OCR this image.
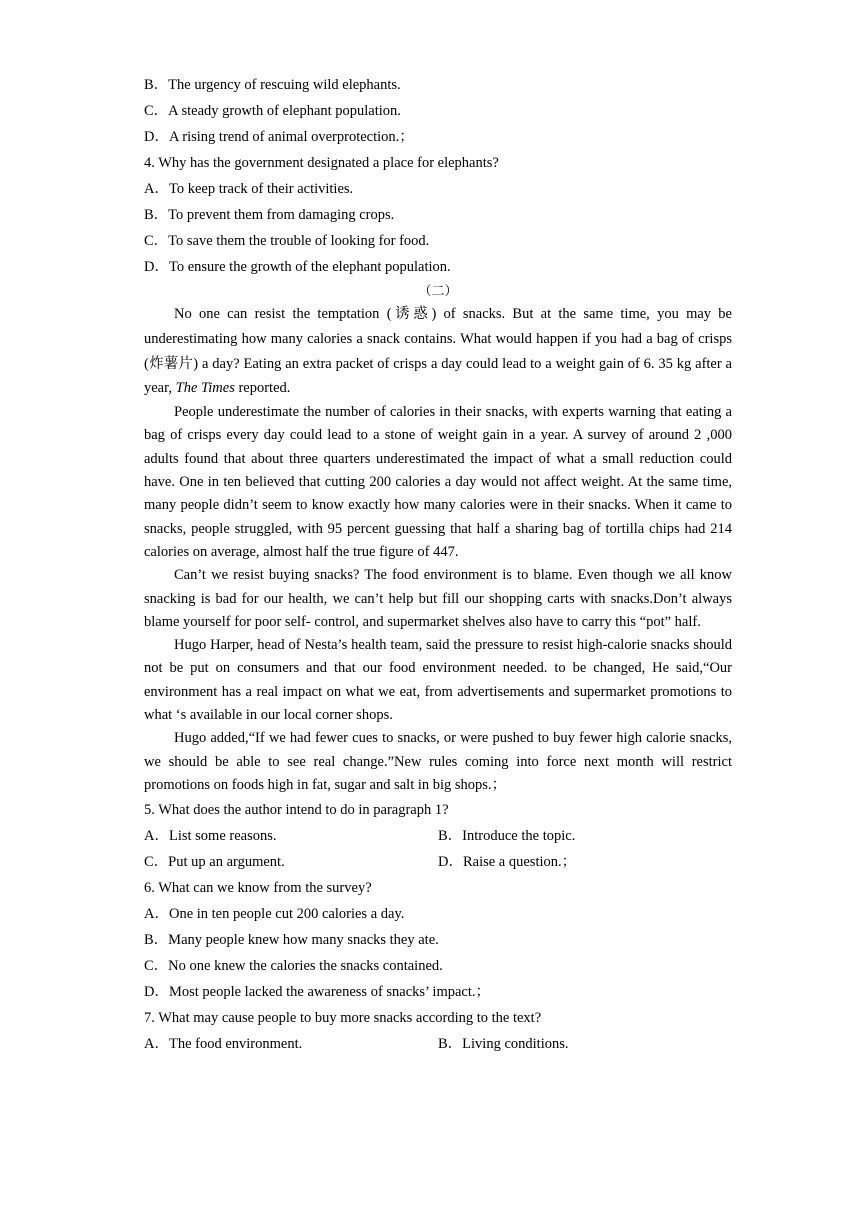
B．The urgency of rescuing wild elephants.
C．A steady growth of elephant population.
D．A rising trend of animal overprotection.；
4. Why has the government designated a place for elephants?
A．To keep track of their activities.
B．To prevent them from damaging crops.
C．To save them the trouble of looking for food.
D．To ensure the growth of the elephant population.
（二）

No one can resist the temptation (诱惑) of snacks. But at the same time, you may be underestimating how many calories a snack contains. What would happen if you had a bag of crisps (炸薯片) a day? Eating an extra packet of crisps a day could lead to a weight gain of 6. 35 kg after a year, The Times reported.

People underestimate the number of calories in their snacks, with experts warning that eating a bag of crisps every day could lead to a stone of weight gain in a year. A survey of around 2 ,000 adults found that about three quarters underestimated the impact of what a small reduction could have. One in ten believed that cutting 200 calories a day would not affect weight. At the same time, many people didn’t seem to know exactly how many calories were in their snacks. When it came to snacks, people struggled, with 95 percent guessing that half a sharing bag of tortilla chips had 214 calories on average, almost half the true figure of 447.

Can’t we resist buying snacks? The food environment is to blame. Even though we all know snacking is bad for our health, we can’t help but fill our shopping carts with snacks.Don’t always blame yourself for poor self- control, and supermarket shelves also have to carry this “pot” half.

Hugo Harper, head of Nesta’s health team, said the pressure to resist high-calorie snacks should not be put on consumers and that our food environment needed. to be changed, He said,“Our environment has a real impact on what we eat, from advertisements and supermarket promotions to what ‘s available in our local corner shops.

Hugo added,“If we had fewer cues to snacks, or were pushed to buy fewer high calorie snacks, we should be able to see real change.”New rules coming into force next month will restrict promotions on foods high in fat, sugar and salt in big shops.；

5. What does the author intend to do in paragraph 1?
A．List some reasons.	B．Introduce the topic.
C．Put up an argument.	D．Raise a question.；
6. What can we know from the survey?
A．One in ten people cut 200 calories a day.
B．Many people knew how many snacks they ate.
C．No one knew the calories the snacks contained.
D．Most people lacked the awareness of snacks’ impact.；
7. What may cause people to buy more snacks according to the text?
A．The food environment.	B．Living conditions.
